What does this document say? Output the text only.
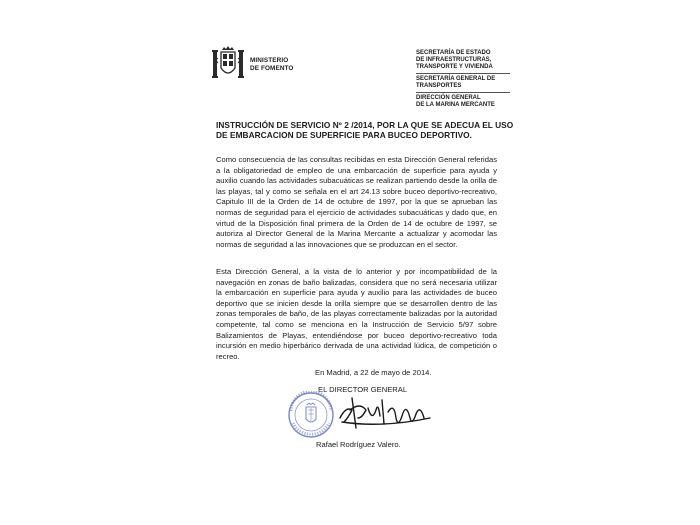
MINISTERIO
DE FOMENTO
SECRETARÍA DE ESTADO
DE INFRAESTRUCTURAS,
TRANSPORTE Y VIVIENDA
SECRETARÍA GENERAL DE
TRANSPORTES
DIRECCIÓN GENERAL
DE LA MARINA MERCANTE
INSTRUCCIÓN DE SERVICIO Nº 2 /2014, POR LA QUE SE ADECUA EL USO
DE EMBARCACION DE SUPERFICIE PARA BUCEO DEPORTIVO.
Como consecuencia de las consultas recibidas en esta Dirección General referidas a la obligatoriedad de empleo de una embarcación de superficie para ayuda y auxilio cuando las actividades subacuáticas se realizan partiendo desde la orilla de las playas, tal y como se señala en el art 24.13 sobre buceo deportivo-recreativo, Capitulo III de la Orden de 14 de octubre de 1997, por la que se aprueban las normas de seguridad para el ejercicio de actividades subacuáticas y dado que, en virtud de la Disposición final primera de la Orden de 14 de octubre de 1997, se autoriza al Director General de la Marina Mercante a actualizar y acomodar las normas de seguridad a las innovaciones que se produzcan en el sector.
Esta Dirección General, a la vista de lo anterior y por incompatibilidad de la navegación en zonas de baño balizadas, considera que no será necesaria utilizar la embarcación en superficie para ayuda y auxilio para las actividades de buceo deportivo que se inicien desde la orilla siempre que se desarrollen dentro de las zonas temporales de baño, de las playas correctamente balizadas por la autoridad competente, tal como se menciona en la Instrucción de Servicio 5/97 sobre Balizamientos de Playas, entendiéndose por buceo deportivo-recreativo toda incursión en medio hiperbárico derivada de una actividad lúdica, de competición o recreo.
En Madrid, a 22 de mayo de 2014.
EL DIRECTOR GENERAL
Rafael Rodríguez Valero.
